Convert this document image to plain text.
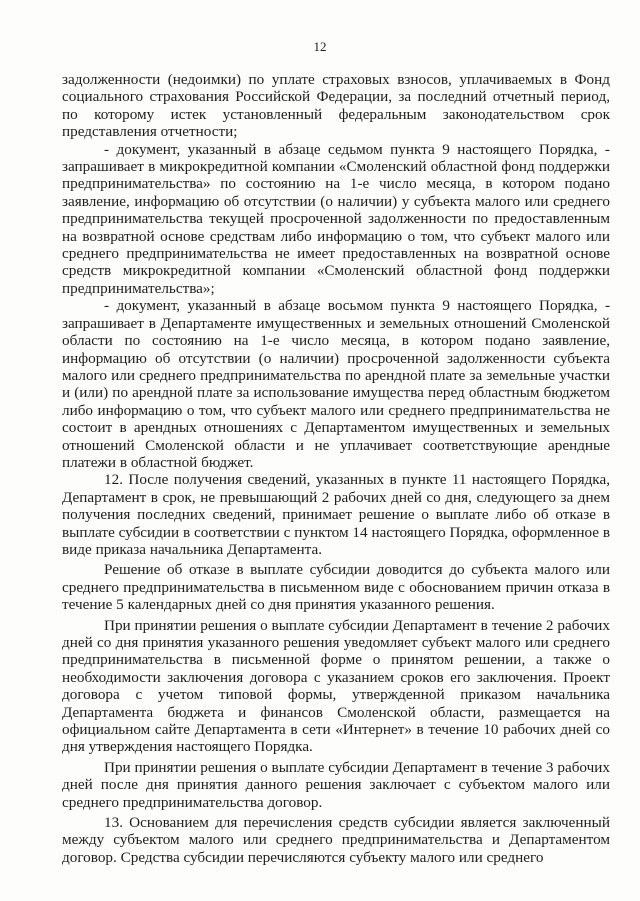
12

задолженности (недоимки) по уплате страховых взносов, уплачиваемых в Фонд социального страхования Российской Федерации, за последний отчетный период, по которому истек установленный федеральным законодательством срок представления отчетности;

- документ, указанный в абзаце седьмом пункта 9 настоящего Порядка, - запрашивает в микрокредитной компании «Смоленский областной фонд поддержки предпринимательства» по состоянию на 1-е число месяца, в котором подано заявление, информацию об отсутствии (о наличии) у субъекта малого или среднего предпринимательства текущей просроченной задолженности по предоставленным на возвратной основе средствам либо информацию о том, что субъект малого или среднего предпринимательства не имеет предоставленных на возвратной основе средств микрокредитной компании «Смоленский областной фонд поддержки предпринимательства»;

- документ, указанный в абзаце восьмом пункта 9 настоящего Порядка, - запрашивает в Департаменте имущественных и земельных отношений Смоленской области по состоянию на 1-е число месяца, в котором подано заявление, информацию об отсутствии (о наличии) просроченной задолженности субъекта малого или среднего предпринимательства по арендной плате за земельные участки и (или) по арендной плате за использование имущества перед областным бюджетом либо информацию о том, что субъект малого или среднего предпринимательства не состоит в арендных отношениях с Департаментом имущественных и земельных отношений Смоленской области и не уплачивает соответствующие арендные платежи в областной бюджет.

12. После получения сведений, указанных в пункте 11 настоящего Порядка, Департамент в срок, не превышающий 2 рабочих дней со дня, следующего за днем получения последних сведений, принимает решение о выплате либо об отказе в выплате субсидии в соответствии с пунктом 14 настоящего Порядка, оформленное в виде приказа начальника Департамента.

Решение об отказе в выплате субсидии доводится до субъекта малого или среднего предпринимательства в письменном виде с обоснованием причин отказа в течение 5 календарных дней со дня принятия указанного решения.

При принятии решения о выплате субсидии Департамент в течение 2 рабочих дней со дня принятия указанного решения уведомляет субъект малого или среднего предпринимательства в письменной форме о принятом решении, а также о необходимости заключения договора с указанием сроков его заключения. Проект договора с учетом типовой формы, утвержденной приказом начальника Департамента бюджета и финансов Смоленской области, размещается на официальном сайте Департамента в сети «Интернет» в течение 10 рабочих дней со дня утверждения настоящего Порядка.

При принятии решения о выплате субсидии Департамент в течение 3 рабочих дней после дня принятия данного решения заключает с субъектом малого или среднего предпринимательства договор.

13. Основанием для перечисления средств субсидии является заключенный между субъектом малого или среднего предпринимательства и Департаментом договор. Средства субсидии перечисляются субъекту малого или среднего
